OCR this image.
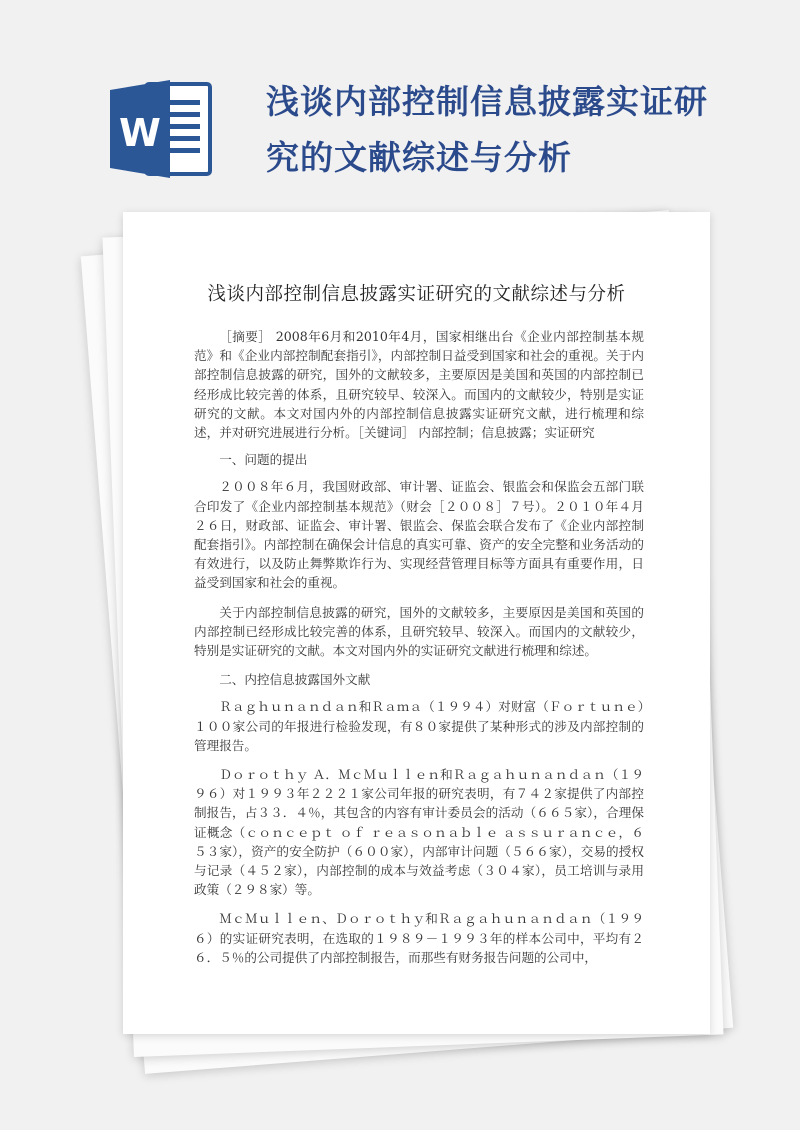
W
浅谈内部控制信息披露实证研究的文献综述与分析
浅谈内部控制信息披露实证研究的文献综述与分析

［摘要］ 2008年6月和2010年4月，国家相继出台《企业内部控制基本规范》和《企业内部控制配套指引》，内部控制日益受到国家和社会的重视。关于内部控制信息披露的研究，国外的文献较多，主要原因是美国和英国的内部控制已经形成比较完善的体系，且研究较早、较深入。而国内的文献较少，特别是实证研究的文献。本文对国内外的内部控制信息披露实证研究文献，进行梳理和综述，并对研究进展进行分析。［关键词］ 内部控制；信息披露；实证研究

一、问题的提出

２００８年６月，我国财政部、审计署、证监会、银监会和保监会五部门联合印发了《企业内部控制基本规范》（财会［２００８］７号）。２０１０年４月２６日，财政部、证监会、审计署、银监会、保监会联合发布了《企业内部控制配套指引》。内部控制在确保会计信息的真实可靠、资产的安全完整和业务活动的有效进行，以及防止舞弊欺诈行为、实现经营管理目标等方面具有重要作用，日益受到国家和社会的重视。

关于内部控制信息披露的研究，国外的文献较多，主要原因是美国和英国的内部控制已经形成比较完善的体系，且研究较早、较深入。而国内的文献较少，特别是实证研究的文献。本文对国内外的实证研究文献进行梳理和综述。

二、内控信息披露国外文献

Ｒａｇｈｕｎａｎｄａｎ和Ｒａｍａ（１９９４）对财富（Ｆｏｒｔｕｎｅ）１００家公司的年报进行检验发现，有８０家提供了某种形式的涉及内部控制的管理报告。

Ｄｏｒｏｔｈｙ Ａ．ＭｃＭｕｌｌｅｎ和Ｒａｇａｈｕｎａｎｄａｎ（１９９６）对１９９３年２２２１家公司年报的研究表明，有７４２家提供了内部控制报告，占３３．４％，其包含的内容有审计委员会的活动（６６５家），合理保证概念（ｃｏｎｃｅｐｔ ｏｆ ｒｅａｓｏｎａｂｌｅ ａｓｓｕｒａｎｃｅ，６５３家），资产的安全防护（６００家），内部审计问题（５６６家），交易的授权与记录（４５２家），内部控制的成本与效益考虑（３０４家），员工培训与录用政策（２９８家）等。

ＭｃＭｕｌｌｅｎ、Ｄｏｒｏｔｈｙ和Ｒａｇａｈｕｎａｎｄａｎ（１９９６）的实证研究表明，在选取的１９８９－１９９３年的样本公司中，平均有２６．５％的公司提供了内部控制报告，而那些有财务报告问题的公司中，
